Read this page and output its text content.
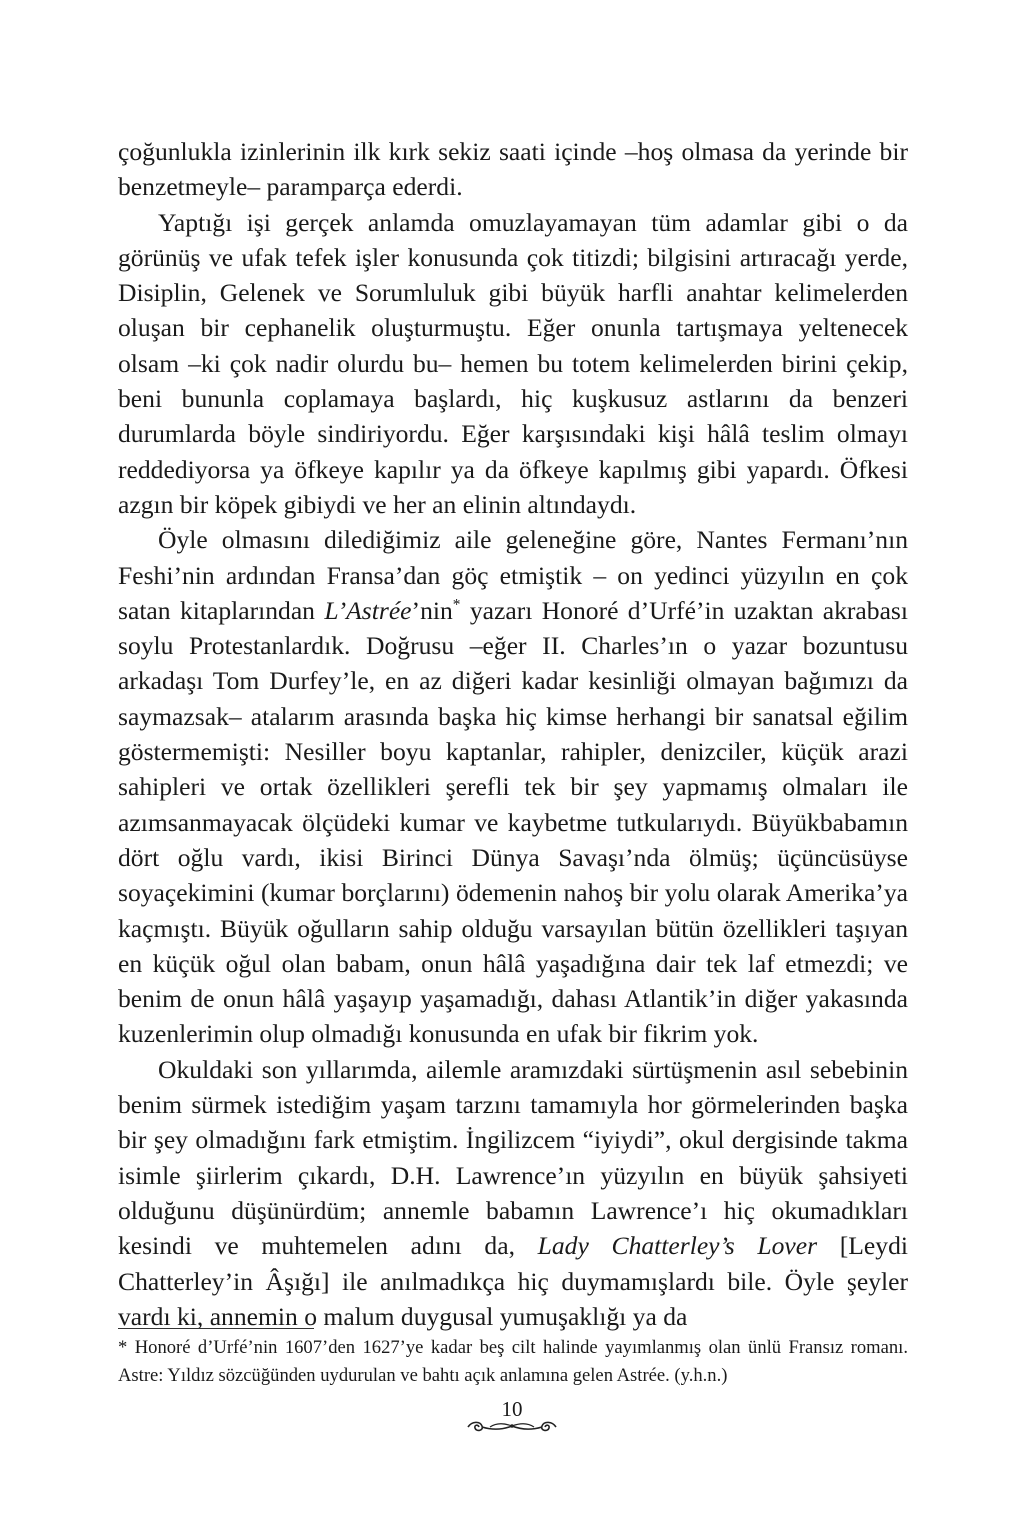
çoğunlukla izinlerinin ilk kırk sekiz saati içinde –hoş olmasa da yerinde bir benzetmeyle– paramparça ederdi.

Yaptığı işi gerçek anlamda omuzlayamayan tüm adamlar gibi o da görünüş ve ufak tefek işler konusunda çok titizdi; bilgisini artıracağı yerde, Disiplin, Gelenek ve Sorumluluk gibi büyük harfli anahtar kelimelerden oluşan bir cephanelik oluşturmuştu. Eğer onunla tartışmaya yeltenecek olsam –ki çok nadir olurdu bu– hemen bu totem kelimelerden birini çekip, beni bununla coplamaya başlardı, hiç kuşkusuz astlarını da benzeri durumlarda böyle sindiriyordu. Eğer karşısındaki kişi hâlâ teslim olmayı reddediyorsa ya öfkeye kapılır ya da öfkeye kapılmış gibi yapardı. Öfkesi azgın bir köpek gibiydi ve her an elinin altındaydı.

Öyle olmasını dilediğimiz aile geleneğine göre, Nantes Fermanı’nın Feshi’nin ardından Fransa’dan göç etmiştik – on yedinci yüzyılın en çok satan kitaplarından L’Astrée’nin* yazarı Honoré d’Urfé’in uzaktan akrabası soylu Protestanlardık. Doğrusu –eğer II. Charles’ın o yazar bozuntusu arkadaşı Tom Durfey’le, en az diğeri kadar kesinliği olmayan bağımızı da saymazsak– atalarım arasında başka hiç kimse herhangi bir sanatsal eğilim göstermemişti: Nesiller boyu kaptanlar, rahipler, denizciler, küçük arazi sahipleri ve ortak özellikleri şerefli tek bir şey yapmamış olmaları ile azımsanmayacak ölçüdeki kumar ve kaybetme tutkularıydı. Büyükbabamın dört oğlu vardı, ikisi Birinci Dünya Savaşı’nda ölmüş; üçüncüsüyse soyaçekimini (kumar borçlarını) ödemenin nahoş bir yolu olarak Amerika’ya kaçmıştı. Büyük oğulların sahip olduğu varsayılan bütün özellikleri taşıyan en küçük oğul olan babam, onun hâlâ yaşadığına dair tek laf etmezdi; ve benim de onun hâlâ yaşayıp yaşamadığı, dahası Atlantik’in diğer yakasında kuzenlerimin olup olmadığı konusunda en ufak bir fikrim yok.

Okuldaki son yıllarımda, ailemle aramızdaki sürtüşmenin asıl sebebinin benim sürmek istediğim yaşam tarzını tamamıyla hor görmelerinden başka bir şey olmadığını fark etmiştim. İngilizcem “iyiydi”, okul dergisinde takma isimle şiirlerim çıkardı, D.H. Lawrence’ın yüzyılın en büyük şahsiyeti olduğunu düşünürdüm; annemle babamın Lawrence’ı hiç okumadıkları kesindi ve muhtemelen adını da, Lady Chatterley’s Lover [Leydi Chatterley’in Âşığı] ile anılmadıkça hiç duymamışlardı bile. Öyle şeyler vardı ki, annemin o malum duygusal yumuşaklığı ya da

* Honoré d’Urfé’nin 1607’den 1627’ye kadar beş cilt halinde yayımlanmış olan ünlü Fransız romanı. Astre: Yıldız sözcüğünden uydurulan ve bahtı açık anlamına gelen Astrée. (y.h.n.)

10
